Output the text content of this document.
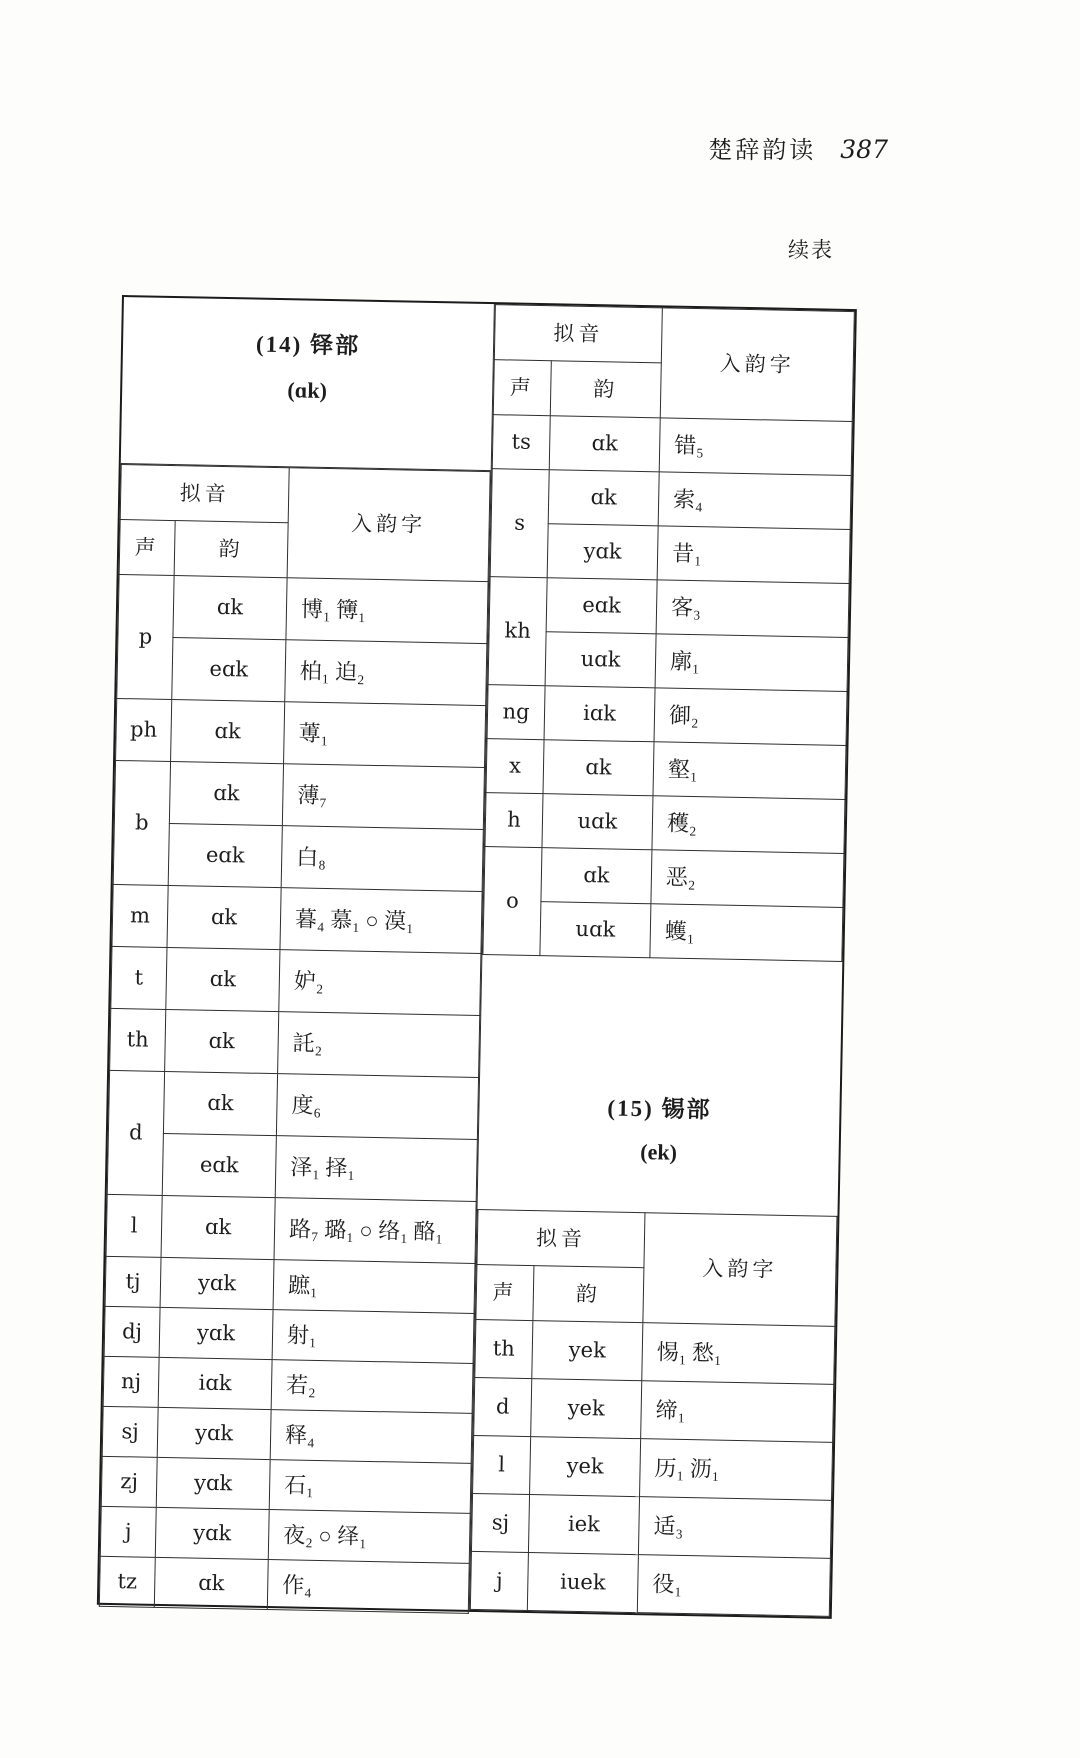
楚辞韵读 387
续表
(14) 铎部
(ɑk)
拟音		入韵字
声	韵	
p	ɑk	博₁ 簙₁
	eɑk	柏₁ 迫₂
ph	ɑk	蒪₁
b	ɑk	薄₇
	eɑk	白₈
m	ɑk	暮₄ 慕₁ ○ 漠₁
t	ɑk	妒₂
th	ɑk	託₂
d	ɑk	度₆
	eɑk	泽₁ 择₁
l	ɑk	路₇ 璐₁ ○ 络₁ 酪₁
tj	yɑk	蹠₁
dj	yɑk	射₁
nj	iɑk	若₂
sj	yɑk	释₄
zj	yɑk	石₁
j	yɑk	夜₂ ○ 绎₁
tz	ɑk	作₄
拟音		入韵字
声	韵	
ts	ɑk	错₅
s	ɑk	索₄
	yɑk	昔₁
kh	eɑk	客₃
	uɑk	廓₁
ng	iɑk	御₂
x	ɑk	壑₁
h	uɑk	穫₂
o	ɑk	恶₂
	uɑk	蠖₁
(15) 锡部
(ek)
拟音		入韵字
声	韵	
th	yek	惕₁ 愁₁
d	yek	缔₁
l	yek	历₁ 沥₁
sj	iek	适₃
j	iuek	役₁
